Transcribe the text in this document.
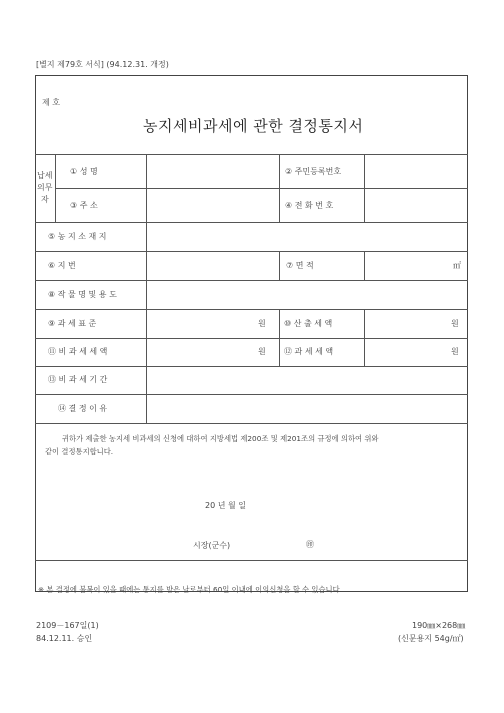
[별지 제79호 서식] (94.12.31. 개정)
제 호
농지세비과세에 관한 결정통지서
납세
의무
자
① 성 명	② 주민등록번호
③ 주 소	④ 전 화 번 호
⑤ 농 지 소 재 지
⑥ 지 번	⑦ 면 적	㎡
⑧ 작 물 명 및 용 도
⑨ 과 세 표 준	원 ⑩ 산 출 세 액	원
⑪ 비 과 세 세 액	원 ⑫ 과 세 세 액	원
⑬ 비 과 세 기 간
⑭ 결 정 이 유
귀하가 제출한 농지세 비과세의 신청에 대하여 지방세법 제200조 및 제201조의 규정에 의하여 위와
같이 결정통지합니다.
20 년 월 일
시장(군수)	㊞
※ 본 결정에 불복이 있을 때에는 통지를 받은 날로부터 60일 이내에 이의신청을 할 수 있습니다.
2109－167일(1)
84.12.11. 승인
190㎜×268㎜
(신문용지 54g/㎡)
